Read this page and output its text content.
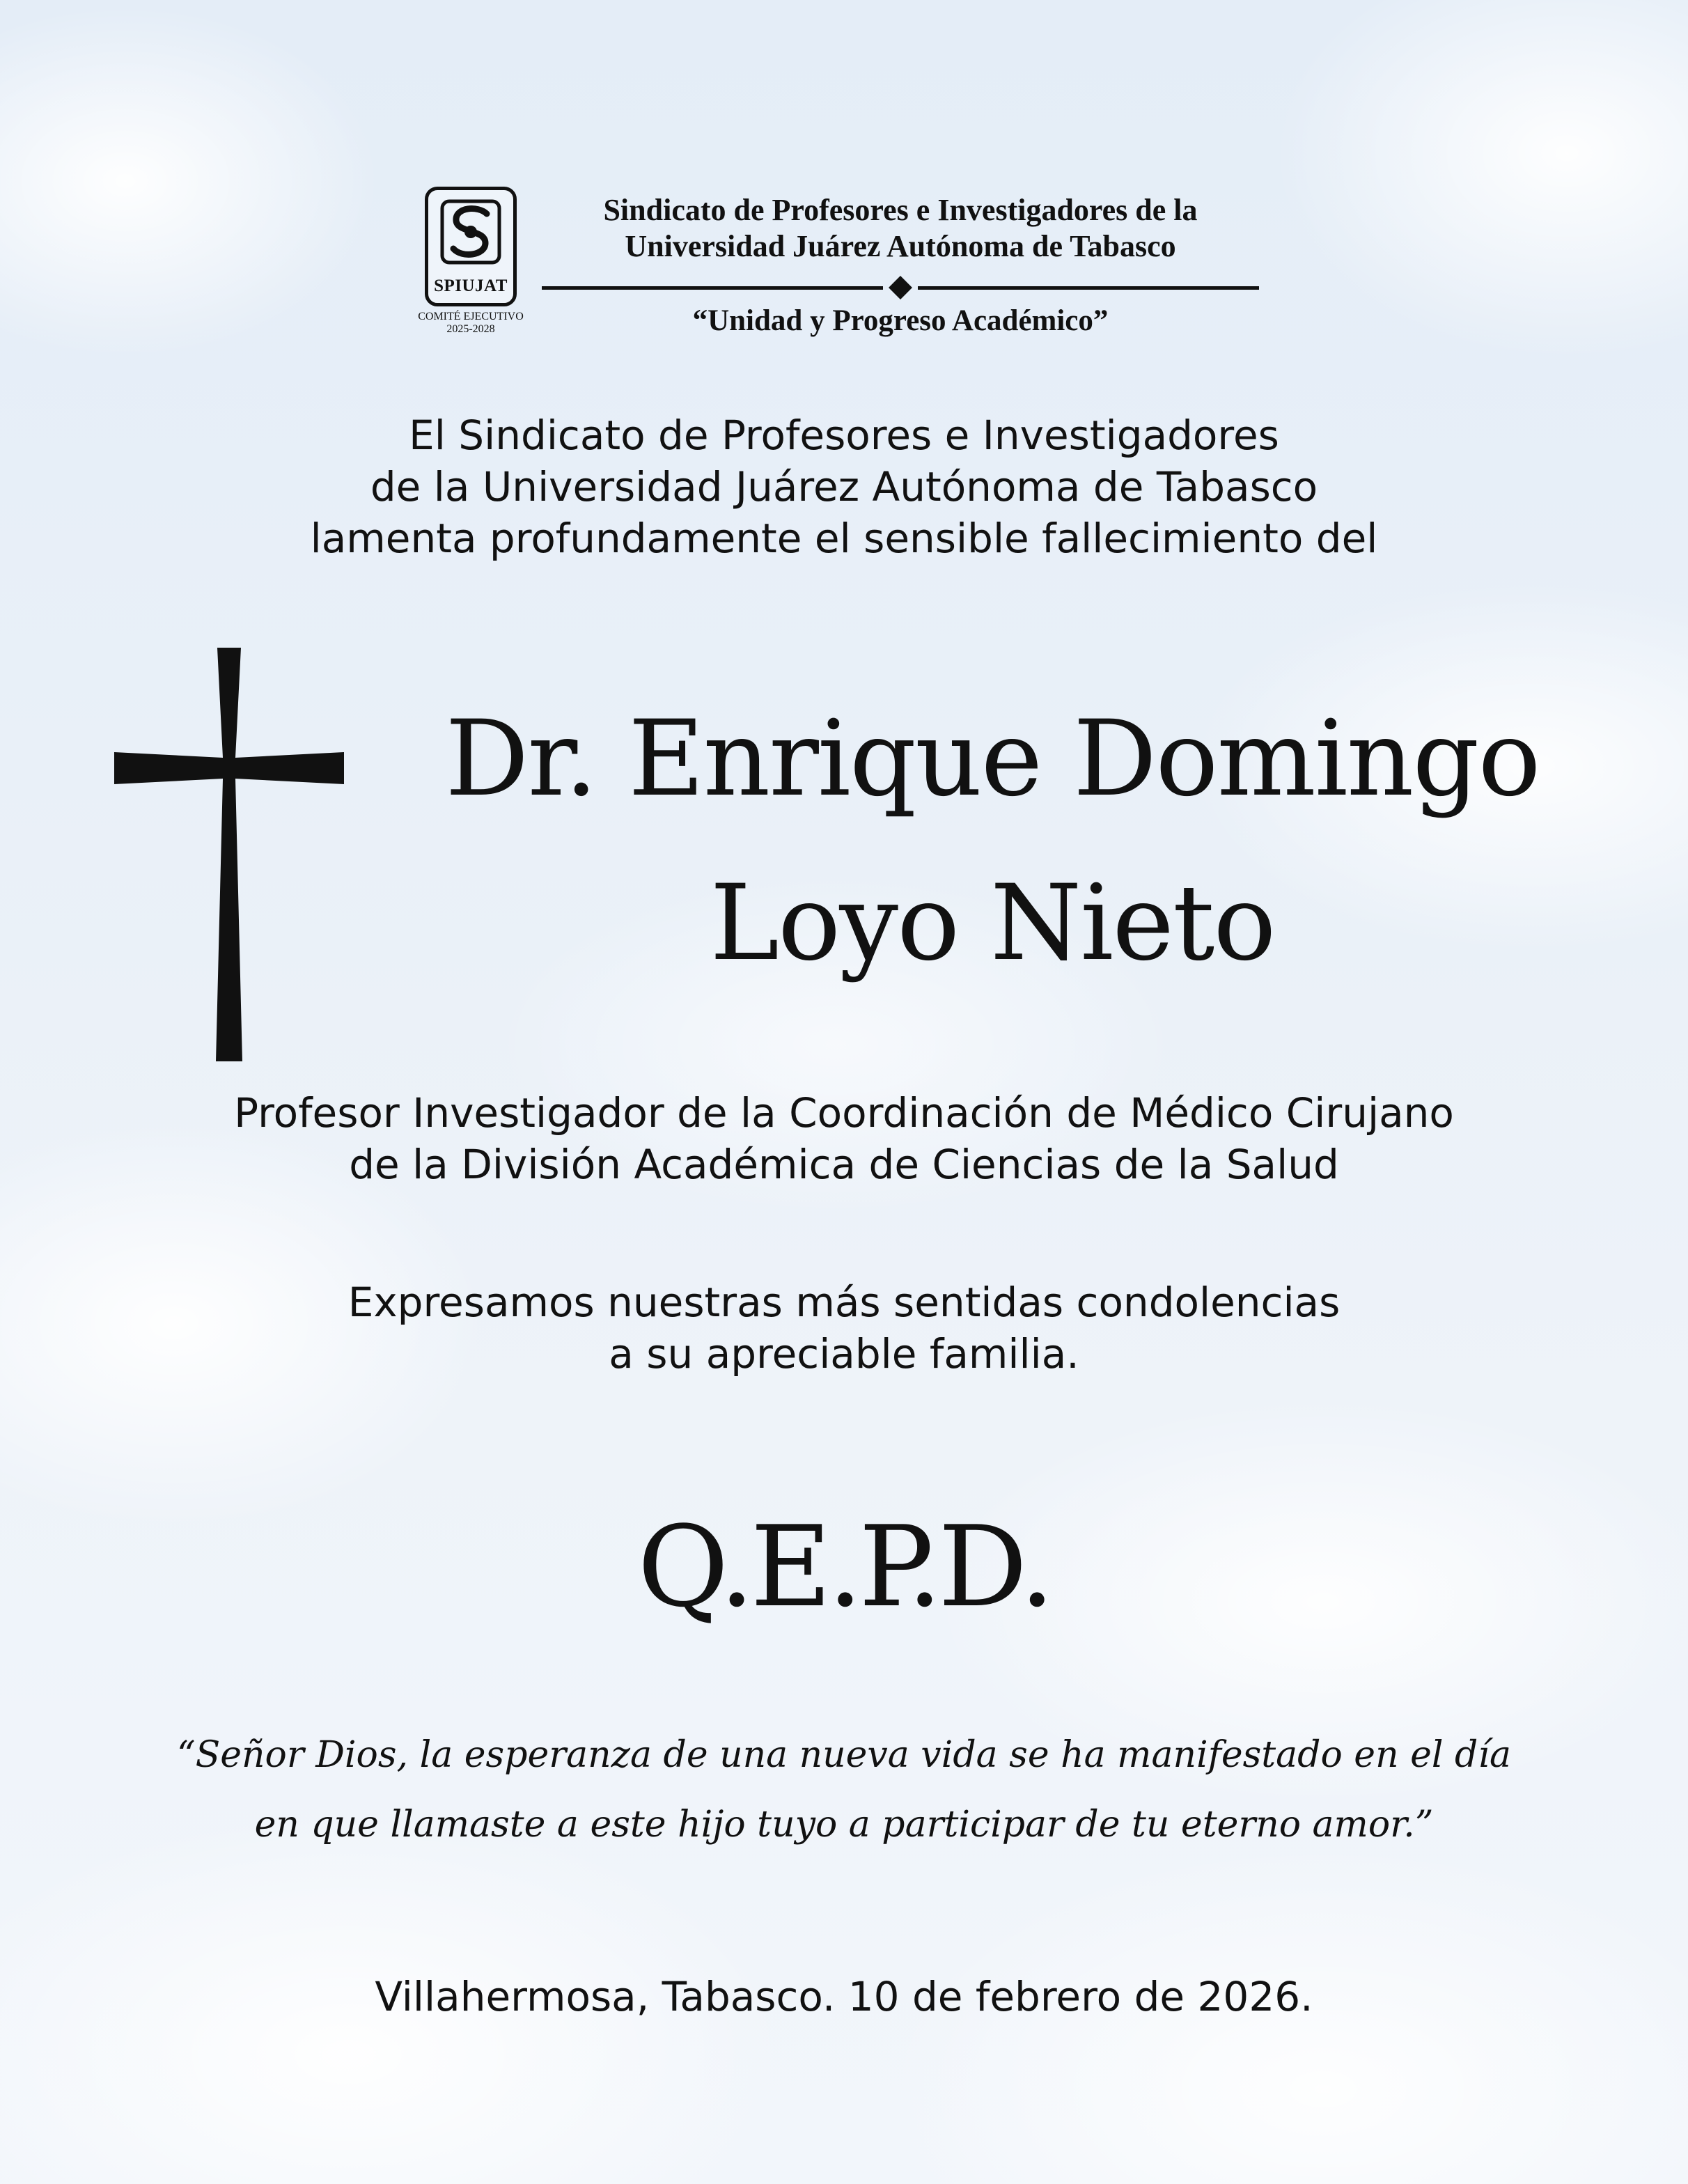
SPIUJAT
COMITÉ EJECUTIVO
2025-2028
Sindicato de Profesores e Investigadores de la
Universidad Juárez Autónoma de Tabasco
“Unidad y Progreso Académico”
El Sindicato de Profesores e Investigadores
de la Universidad Juárez Autónoma de Tabasco
lamenta profundamente el sensible fallecimiento del
Dr. Enrique Domingo
Loyo Nieto
Profesor Investigador de la Coordinación de Médico Cirujano
de la División Académica de Ciencias de la Salud
Expresamos nuestras más sentidas condolencias
a su apreciable familia.
Q.E.P.D.
“Señor Dios, la esperanza de una nueva vida se ha manifestado en el día
en que llamaste a este hijo tuyo a participar de tu eterno amor.”
Villahermosa, Tabasco. 10 de febrero de 2026.
